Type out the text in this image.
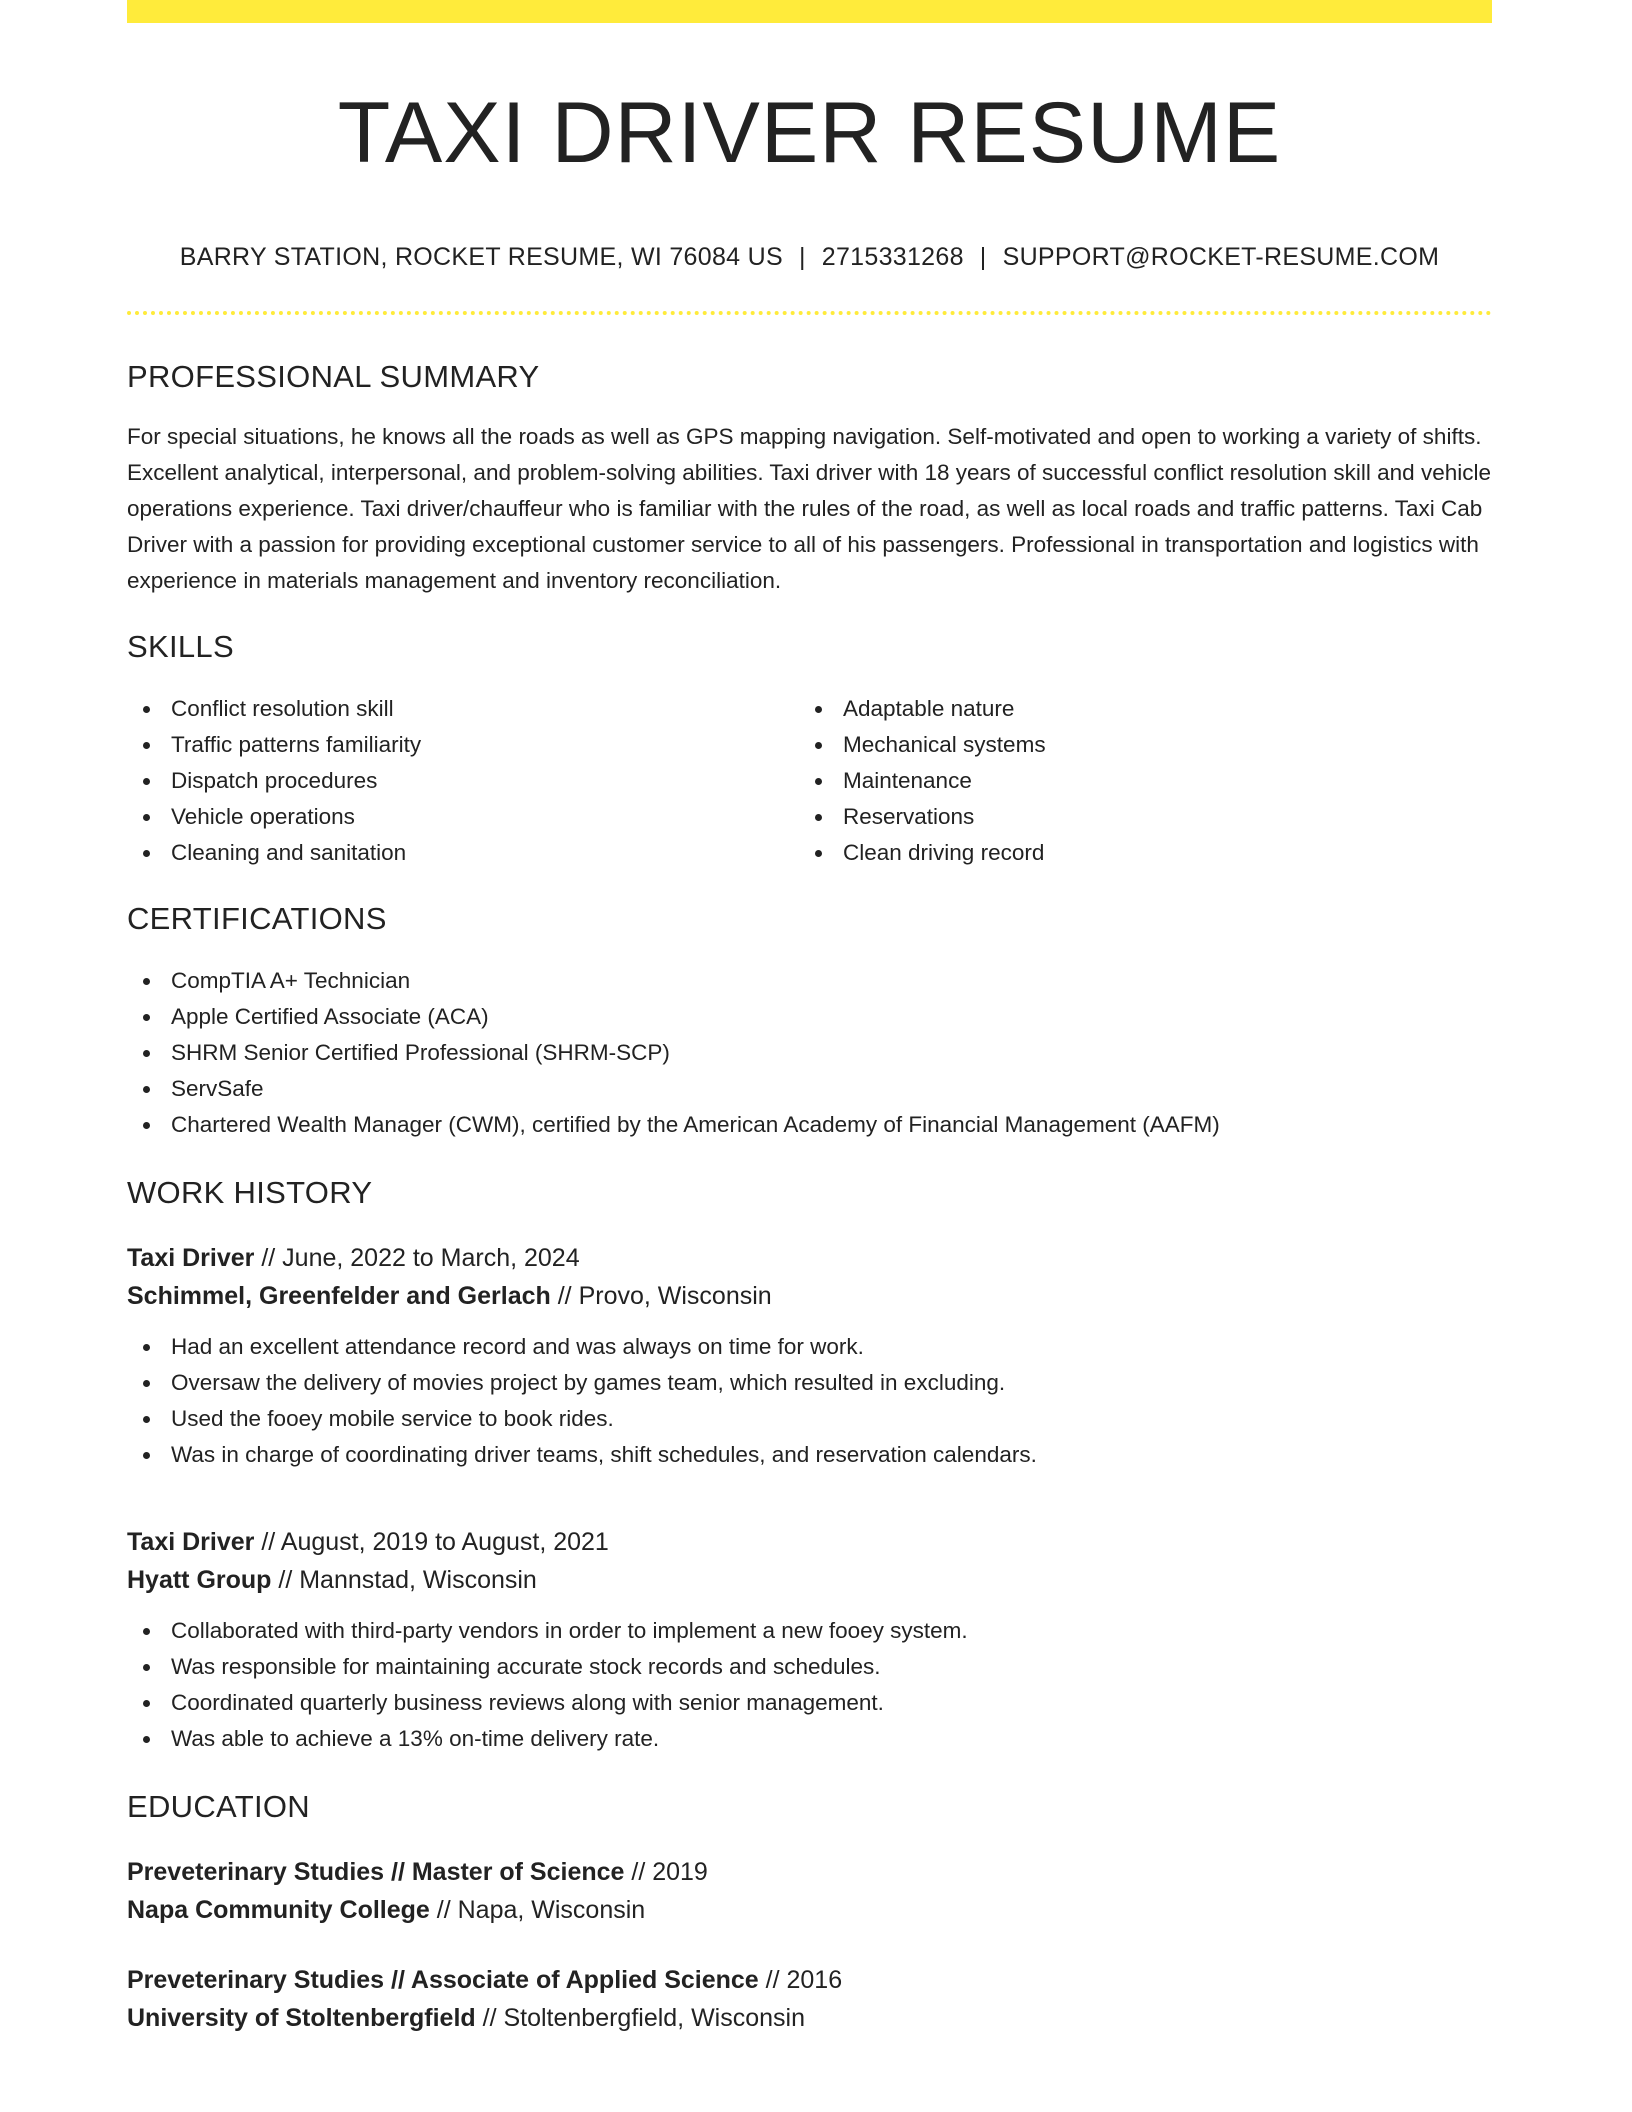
TAXI DRIVER RESUME
BARRY STATION, ROCKET RESUME, WI 76084 US | 2715331268 | SUPPORT@ROCKET-RESUME.COM
PROFESSIONAL SUMMARY
For special situations, he knows all the roads as well as GPS mapping navigation. Self-motivated and open to working a variety of shifts. Excellent analytical, interpersonal, and problem-solving abilities. Taxi driver with 18 years of successful conflict resolution skill and vehicle operations experience. Taxi driver/chauffeur who is familiar with the rules of the road, as well as local roads and traffic patterns. Taxi Cab Driver with a passion for providing exceptional customer service to all of his passengers. Professional in transportation and logistics with experience in materials management and inventory reconciliation.
SKILLS
Conflict resolution skill
Traffic patterns familiarity
Dispatch procedures
Vehicle operations
Cleaning and sanitation
Adaptable nature
Mechanical systems
Maintenance
Reservations
Clean driving record
CERTIFICATIONS
CompTIA A+ Technician
Apple Certified Associate (ACA)
SHRM Senior Certified Professional (SHRM-SCP)
ServSafe
Chartered Wealth Manager (CWM), certified by the American Academy of Financial Management (AAFM)
WORK HISTORY
Taxi Driver // June, 2022 to March, 2024
Schimmel, Greenfelder and Gerlach // Provo, Wisconsin
Had an excellent attendance record and was always on time for work.
Oversaw the delivery of movies project by games team, which resulted in excluding.
Used the fooey mobile service to book rides.
Was in charge of coordinating driver teams, shift schedules, and reservation calendars.
Taxi Driver // August, 2019 to August, 2021
Hyatt Group // Mannstad, Wisconsin
Collaborated with third-party vendors in order to implement a new fooey system.
Was responsible for maintaining accurate stock records and schedules.
Coordinated quarterly business reviews along with senior management.
Was able to achieve a 13% on-time delivery rate.
EDUCATION
Preveterinary Studies // Master of Science // 2019
Napa Community College // Napa, Wisconsin
Preveterinary Studies // Associate of Applied Science // 2016
University of Stoltenbergfield // Stoltenbergfield, Wisconsin
